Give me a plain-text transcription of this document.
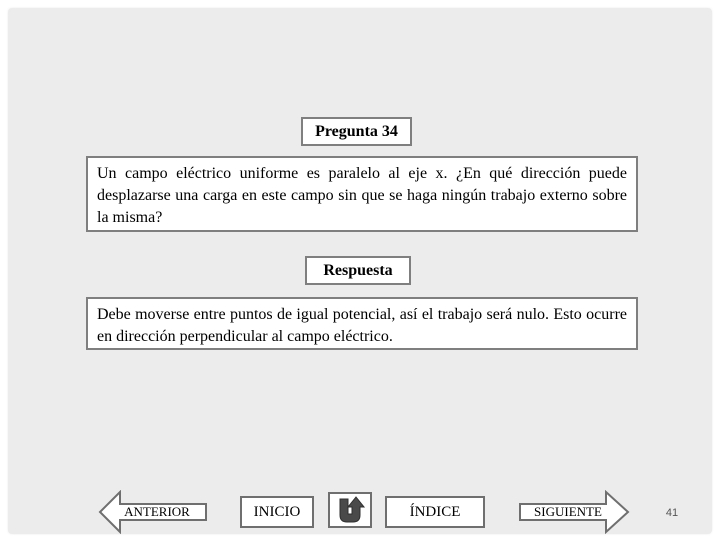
Pregunta 34
Un campo eléctrico uniforme es paralelo al eje x. ¿En qué dirección puede desplazarse una carga en este campo sin que se haga ningún trabajo externo sobre la misma?
Respuesta
Debe moverse entre puntos de igual potencial, así el trabajo será nulo. Esto ocurre en dirección perpendicular al campo eléctrico.
ANTERIOR	INICIO	ÍNDICE	SIGUIENTE	41
